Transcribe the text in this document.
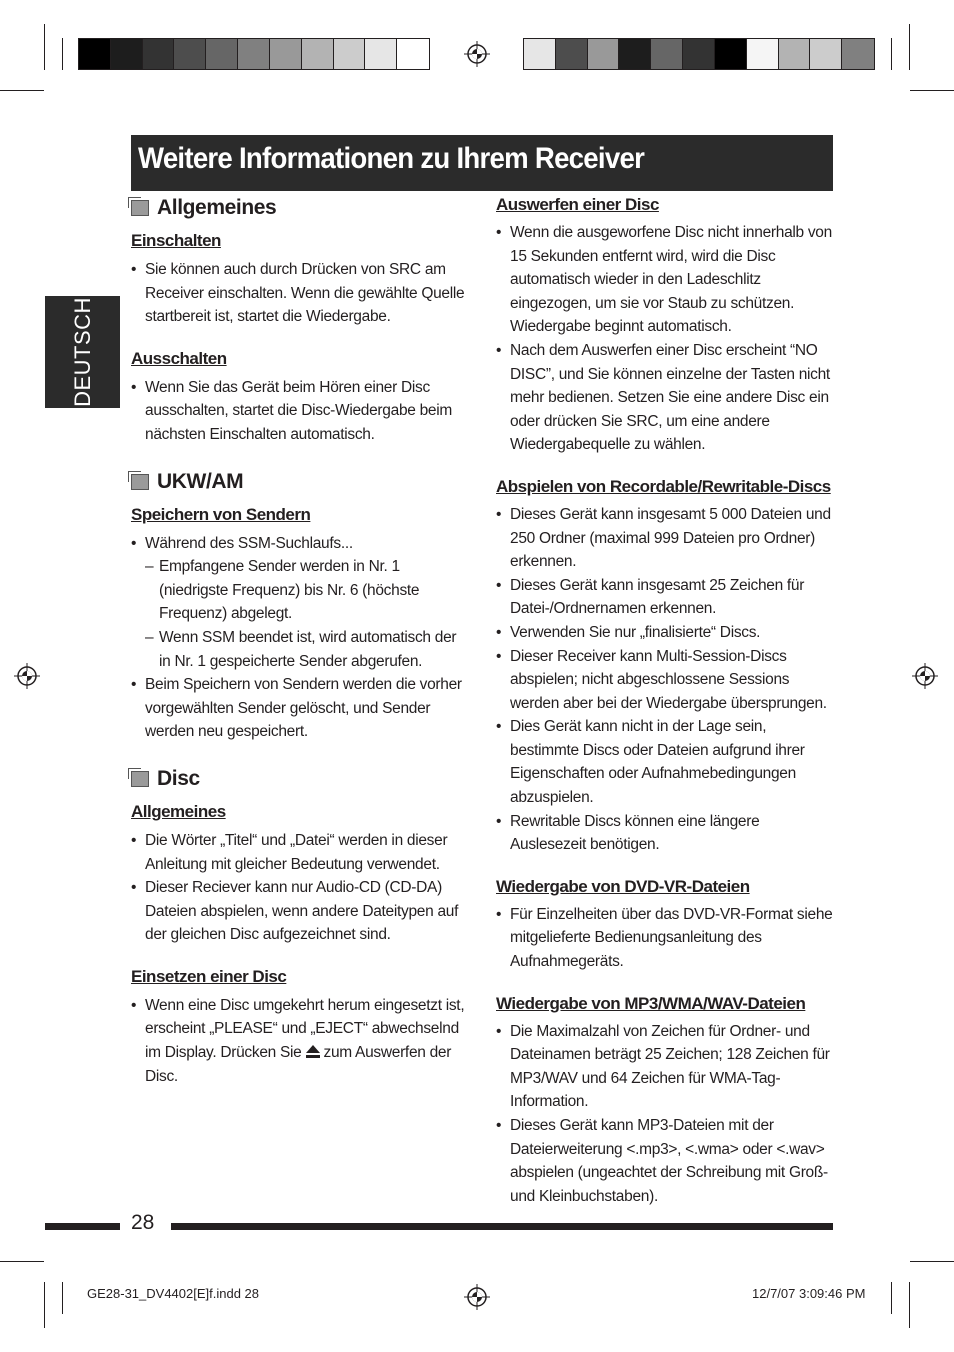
Weitere Informationen zu Ihrem Receiver
DEUTSCH
Allgemeines
Einschalten
• Sie können auch durch Drücken von SRC am Receiver einschalten. Wenn die gewählte Quelle startbereit ist, startet die Wiedergabe.
Ausschalten
• Wenn Sie das Gerät beim Hören einer Disc ausschalten, startet die Disc-Wiedergabe beim nächsten Einschalten automatisch.
UKW/AM
Speichern von Sendern
• Während des SSM-Suchlaufs...
– Empfangene Sender werden in Nr. 1 (niedrigste Frequenz) bis Nr. 6 (höchste Frequenz) abgelegt.
– Wenn SSM beendet ist, wird automatisch der in Nr. 1 gespeicherte Sender abgerufen.
• Beim Speichern von Sendern werden die vorher vorgewählten Sender gelöscht, und Sender werden neu gespeichert.
Disc
Allgemeines
• Die Wörter „Titel“ und „Datei“ werden in dieser Anleitung mit gleicher Bedeutung verwendet.
• Dieser Reciever kann nur Audio-CD (CD-DA) Dateien abspielen, wenn andere Dateitypen auf der gleichen Disc aufgezeichnet sind.
Einsetzen einer Disc
• Wenn eine Disc umgekehrt herum eingesetzt ist, erscheint „PLEASE“ und „EJECT“ abwechselnd im Display. Drücken Sie zum Auswerfen der Disc.
Auswerfen einer Disc
• Wenn die ausgeworfene Disc nicht innerhalb von 15 Sekunden entfernt wird, wird die Disc automatisch wieder in den Ladeschlitz eingezogen, um sie vor Staub zu schützen. Wiedergabe beginnt automatisch.
• Nach dem Auswerfen einer Disc erscheint “NO DISC”, und Sie können einzelne der Tasten nicht mehr bedienen. Setzen Sie eine andere Disc ein oder drücken Sie SRC, um eine andere Wiedergabequelle zu wählen.
Abspielen von Recordable/Rewritable-Discs
• Dieses Gerät kann insgesamt 5 000 Dateien und 250 Ordner (maximal 999 Dateien pro Ordner) erkennen.
• Dieses Gerät kann insgesamt 25 Zeichen für Datei-/Ordnernamen erkennen.
• Verwenden Sie nur „finalisierte“ Discs.
• Dieser Receiver kann Multi-Session-Discs abspielen; nicht abgeschlossene Sessions werden aber bei der Wiedergabe übersprungen.
• Dies Gerät kann nicht in der Lage sein, bestimmte Discs oder Dateien aufgrund ihrer Eigenschaften oder Aufnahmebedingungen abzuspielen.
• Rewritable Discs können eine längere Auslesezeit benötigen.
Wiedergabe von DVD-VR-Dateien
• Für Einzelheiten über das DVD-VR-Format siehe mitgelieferte Bedienungsanleitung des Aufnahmegeräts.
Wiedergabe von MP3/WMA/WAV-Dateien
• Die Maximalzahl von Zeichen für Ordner- und Dateinamen beträgt 25 Zeichen; 128 Zeichen für MP3/WAV und 64 Zeichen für WMA-Tag-Information.
• Dieses Gerät kann MP3-Dateien mit der Dateierweiterung <.mp3>, <.wma> oder <.wav> abspielen (ungeachtet der Schreibung mit Groß- und Kleinbuchstaben).
28
GE28-31_DV4402[E]f.indd 28	12/7/07 3:09:46 PM
